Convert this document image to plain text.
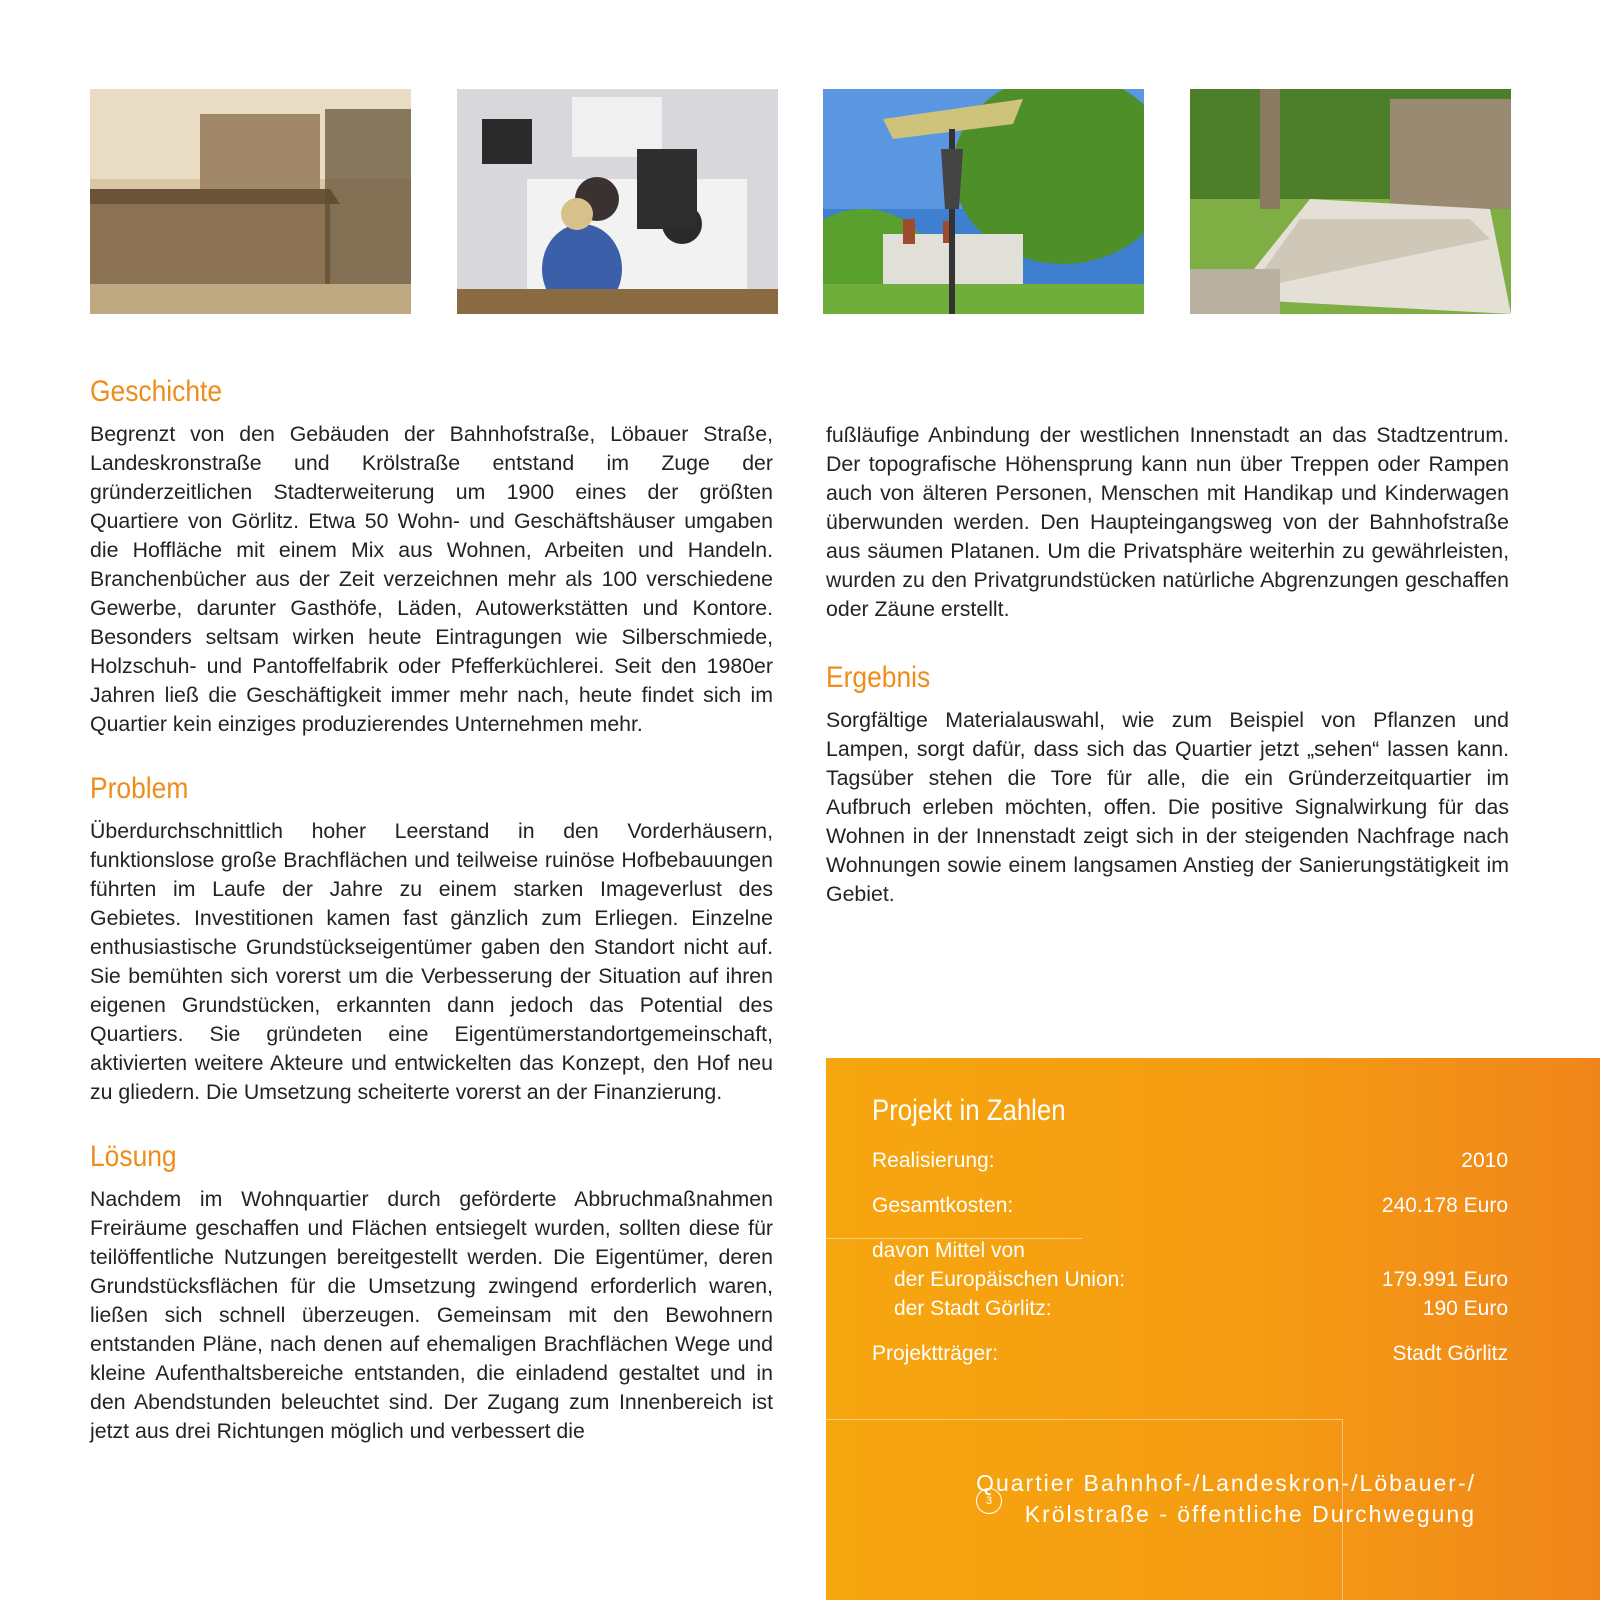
Geschichte

Begrenzt von den Gebäuden der Bahnhofstraße, Löbauer Straße, Landeskronstraße und Krölstraße entstand im Zuge der gründerzeitlichen Stadterweiterung um 1900 eines der größten Quartiere von Görlitz. Etwa 50 Wohn- und Geschäftshäuser umgaben die Hoffläche mit einem Mix aus Wohnen, Arbeiten und Handeln. Branchenbücher aus der Zeit verzeichnen mehr als 100 verschiedene Gewerbe, darunter Gasthöfe, Läden, Autowerkstätten und Kontore. Besonders seltsam wirken heute Eintragungen wie Silberschmiede, Holzschuh- und Pantoffelfabrik oder Pfefferküchlerei. Seit den 1980er Jahren ließ die Geschäftigkeit immer mehr nach, heute findet sich im Quartier kein einziges produzierendes Unternehmen mehr.

Problem

Überdurchschnittlich hoher Leerstand in den Vorderhäusern, funktionslose große Brachflächen und teilweise ruinöse Hofbebauungen führten im Laufe der Jahre zu einem starken Imageverlust des Gebietes. Investitionen kamen fast gänzlich zum Erliegen. Einzelne enthusiastische Grundstückseigentümer gaben den Standort nicht auf. Sie bemühten sich vorerst um die Verbesserung der Situation auf ihren eigenen Grundstücken, erkannten dann jedoch das Potential des Quartiers. Sie gründeten eine Eigentümerstandortgemeinschaft, aktivierten weitere Akteure und entwickelten das Konzept, den Hof neu zu gliedern. Die Umsetzung scheiterte vorerst an der Finanzierung.

Lösung

Nachdem im Wohnquartier durch geförderte Abbruchmaßnahmen Freiräume geschaffen und Flächen entsiegelt wurden, sollten diese für teilöffentliche Nutzungen bereitgestellt werden. Die Eigentümer, deren Grundstücksflächen für die Umsetzung zwingend erforderlich waren, ließen sich schnell überzeugen. Gemeinsam mit den Bewohnern entstanden Pläne, nach denen auf ehemaligen Brachflächen Wege und kleine Aufenthaltsbereiche entstanden, die einladend gestaltet und in den Abendstunden beleuchtet sind. Der Zugang zum Innenbereich ist jetzt aus drei Richtungen möglich und verbessert die

fußläufige Anbindung der westlichen Innenstadt an das Stadtzentrum. Der topografische Höhensprung kann nun über Treppen oder Rampen auch von älteren Personen, Menschen mit Handikap und Kinderwagen überwunden werden. Den Haupteingangsweg von der Bahnhofstraße aus säumen Platanen. Um die Privatsphäre weiterhin zu gewährleisten, wurden zu den Privatgrundstücken natürliche Abgrenzungen geschaffen oder Zäune erstellt.

Ergebnis

Sorgfältige Materialauswahl, wie zum Beispiel von Pflanzen und Lampen, sorgt dafür, dass sich das Quartier jetzt „sehen“ lassen kann. Tagsüber stehen die Tore für alle, die ein Gründerzeitquartier im Aufbruch erleben möchten, offen. Die positive Signalwirkung für das Wohnen in der Innenstadt zeigt sich in der steigenden Nachfrage nach Wohnungen sowie einem langsamen Anstieg der Sanierungstätigkeit im Gebiet.

Projekt in Zahlen
Realisierung:	2010
Gesamtkosten:	240.178 Euro
davon Mittel von
der Europäischen Union:	179.991 Euro
der Stadt Görlitz:	190 Euro
Projektträger:	Stadt Görlitz
3
Quartier Bahnhof-/Landeskron-/Löbauer-/
Krölstraße - öffentliche Durchwegung
